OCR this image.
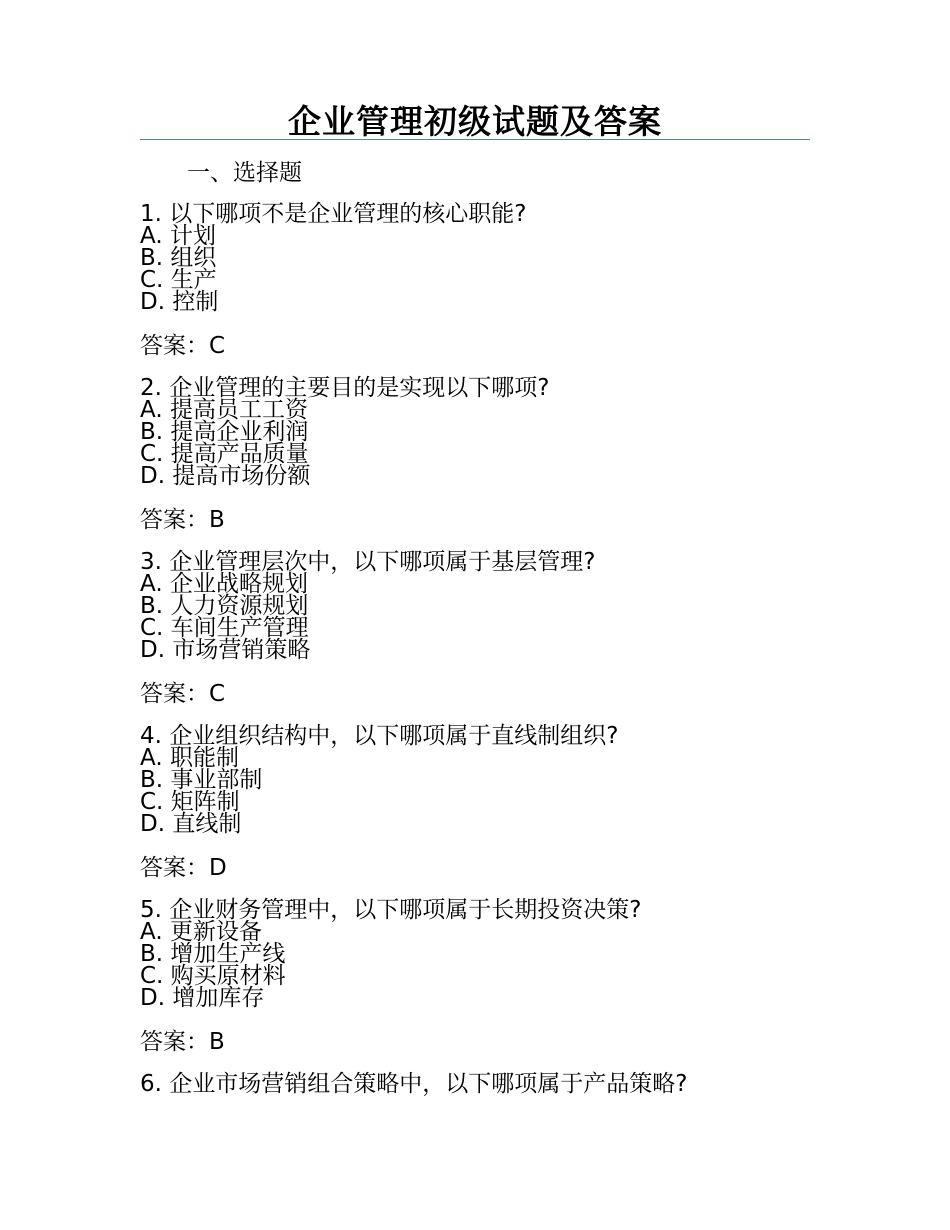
企业管理初级试题及答案
一、选择题
1. 以下哪项不是企业管理的核心职能?
A. 计划
B. 组织
C. 生产
D. 控制
答案：C
2. 企业管理的主要目的是实现以下哪项?
A. 提高员工工资
B. 提高企业利润
C. 提高产品质量
D. 提高市场份额
答案：B
3. 企业管理层次中，以下哪项属于基层管理?
A. 企业战略规划
B. 人力资源规划
C. 车间生产管理
D. 市场营销策略
答案：C
4. 企业组织结构中，以下哪项属于直线制组织?
A. 职能制
B. 事业部制
C. 矩阵制
D. 直线制
答案：D
5. 企业财务管理中，以下哪项属于长期投资决策?
A. 更新设备
B. 增加生产线
C. 购买原材料
D. 增加库存
答案：B
6. 企业市场营销组合策略中，以下哪项属于产品策略?
